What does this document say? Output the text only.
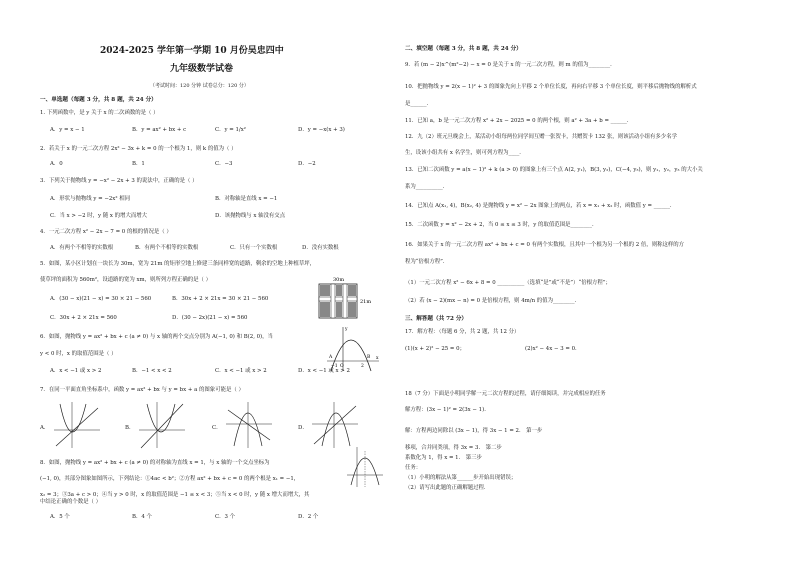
2024-2025 学年第一学期 10 月份吴忠四中
九年级数学试卷
（考试时间：120 分钟 试卷总分：120 分）
一、单选题（每题 3 分，共 8 题，共 24 分）
1. 下列函数中，是 y 关于 x 的二次函数的是（ ）
A．y = x − 1	B．y = ax² + bx + c	C．y = 1/x²	D．y = −x(x + 3)
2．若关于 x 的一元二次方程 2x² − 3x + k = 0 的一个根为 1，则 k 的值为（ ）
A．0	B．1	C．−3	D．−2
3．下列关于抛物线 y = −x² − 2x + 3 的说法中，正确的是（ ）
A．形状与抛物线 y = −2x² 相同	B．对称轴是直线 x = −1
C．当 x > −2 时，y 随 x 的增大而增大	D．该抛物线与 x 轴没有交点
4．一元二次方程 x² − 2x − 7 = 0 的根的情况是（ ）
A．有两个不相等的实数根	B．有两个不相等的实数根	C．只有一个实数根	D．没有实数根
5．如图，某小区计划在一块长为 30m，宽为 21m 的矩形空地上修建三条同样宽的道路，剩余的空地上种植草坪，
使草坪的面积为 560m²，设道路的宽为 xm，则所列方程正确的是（ ）
A．(30 − x)(21 − x) = 30 × 21 − 560	B．30x + 2 × 21x = 30 × 21 − 560
C．30x + 2 × 21x = 560	D．(30 − 2x)(21 − x) = 560
30m
21m
6．如图，抛物线 y = ax² + bx + c (a ≠ 0) 与 x 轴的两个交点分别为 A(−1, 0) 和 B(2, 0)，当
y < 0 时，x 的取值范围是（ ）
A．x < −1 或 x > 2	B．−1 < x < 2	C．x < −1 或 x > 2	D．x < −1 或 x > 2
y
x
O
−1	2
A	B
7．在同一平面直角坐标系中，函数 y = ax² + bx 与 y = bx + a 的图象可能是（ ）
A．	B．	C．	D．
8．如图，抛物线 y = ax² + bx + c (a ≠ 0) 的对称轴为直线 x = 1，与 x 轴的一个交点坐标为
(−1, 0)，其部分图象如图所示，下列结论：①4ac < b²；②方程 ax² + bx + c = 0 的两个根是 x₁ = −1，
x₂ = 3；③3a + c > 0；④当 y > 0 时，x 的取值范围是 −1 ≤ x < 3；⑤当 x < 0 时，y 随 x 增大而增大，其中结论正确的个数是（ ）
A．5 个	B．4 个	C．3 个	D．2 个
二、填空题（每题 3 分，共 8 题，共 24 分）
9．若 (m − 2)x^(m²−2) − x = 0 是关于 x 的一元二次方程，则 m 的值为________．
10．把抛物线 y = 2(x − 1)² + 3 的图象先向上平移 2 个单位长度，再向右平移 3 个单位长度，则平移后抛物线的解析式
是______．
11．已知 a，b 是一元二次方程 x² + 2x − 2025 = 0 的两个根，则 a² + 3a + b = ______．
12．九（2）班元旦晚会上，某活动小组每两位同学间互赠一张贺卡，共赠贺卡 132 张，则该活动小组有多少名学
生，设该小组共有 x 名学生，则可列方程为____．
13．已知二次函数 y = a(x − 1)² + k (a > 0) 的图象上有三个点 A(2, y₁)，B(3, y₂)，C(−4, y₃)，则 y₁，y₂，y₃ 的大小关
系为__________．
14．已知点 A(x₁, 4)，B(x₂, 4) 是抛物线 y = x² − 2x 图象上的两点，若 x = x₁ + x₂ 时，函数值 y = ______．
15．二次函数 y = x² − 2x + 2，当 0 ≤ x ≤ 3 时，y 的取值范围是________．
16．如果关于 x 的一元二次方程 ax² + bx + c = 0 有两个实数根，且其中一个根为另一个根的 2 倍，则称这样的方
程为“倍根方程”．
（1）一元二次方程 x² − 6x + 8 = 0 __________（选填“是”或“不是”）“倍根方程”；
（2）若 (x − 2)(mx − n) = 0 是倍根方程，则 4m/n 的值为________．
三、解答题（共 72 分）
17．解方程：（每题 6 分，共 2 题，共 12 分）
(1)(x + 2)² − 25 = 0；	(2)x² − 4x − 3 = 0．
18（7 分）下面是小明同学解一元二次方程的过程，请仔细阅读，并完成相应的任务
解方程：(3x − 1)² = 2(3x − 1)．
解：方程两边同除以 (3x − 1)，得 3x − 1 = 2． 第一步
移项，合并同类项，得 3x = 3． 第二步
系数化为 1，得 x = 1． 第三步
任务：
（1）小明的解法从第______步开始出现错误；
（2）请写出此题的正确解题过程．
